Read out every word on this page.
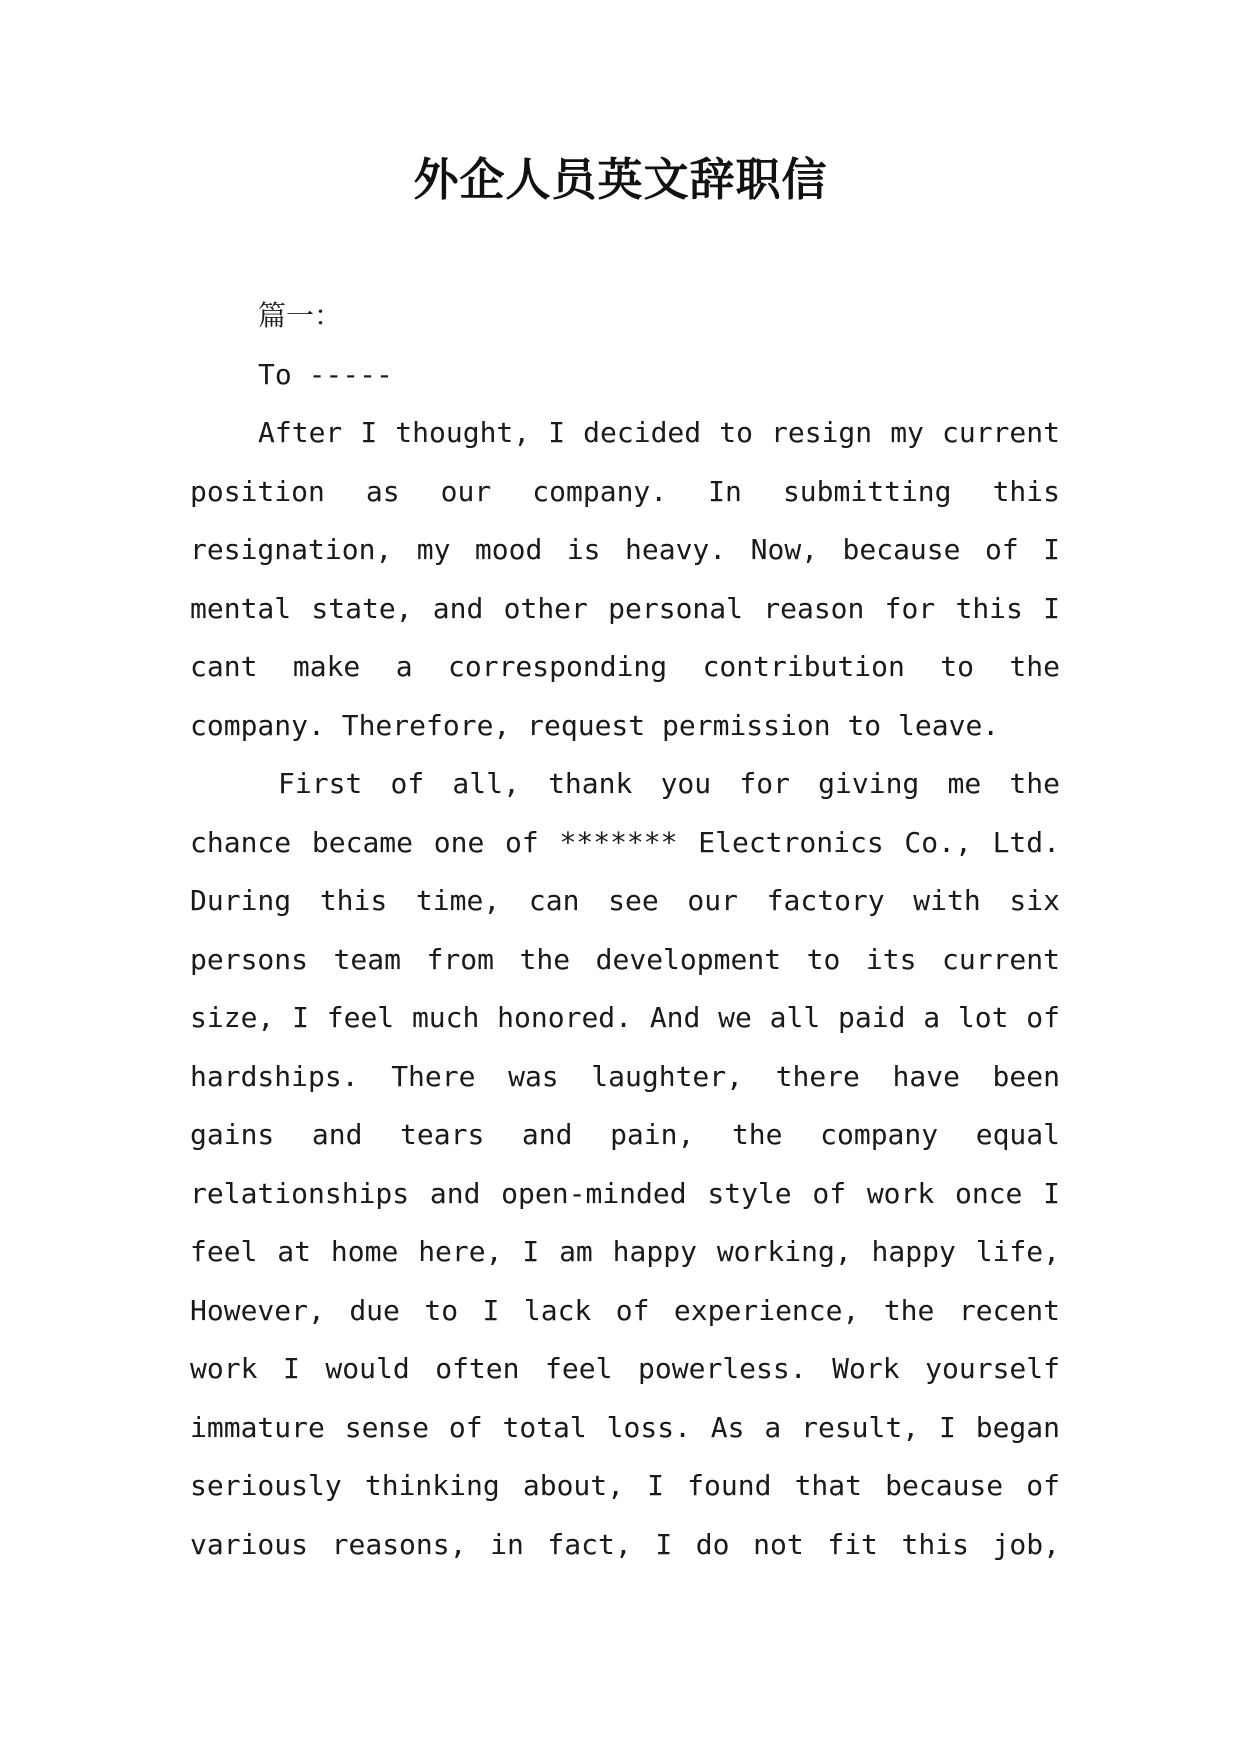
外企人员英文辞职信
篇一：
To -----
After I thought, I decided to resign my current
position as our company. In submitting this
resignation, my mood is heavy. Now, because of I
mental state, and other personal reason for this I
cant make a corresponding contribution to the
company. Therefore, request permission to leave.
First of all, thank you for giving me the
chance became one of ******* Electronics Co., Ltd.
During this time, can see our factory with six
persons team from the development to its current
size, I feel much honored. And we all paid a lot of
hardships. There was laughter, there have been
gains and tears and pain, the company equal
relationships and open-minded style of work once I
feel at home here, I am happy working, happy life,
However, due to I lack of experience, the recent
work I would often feel powerless. Work yourself
immature sense of total loss. As a result, I began
seriously thinking about, I found that because of
various reasons, in fact, I do not fit this job,
